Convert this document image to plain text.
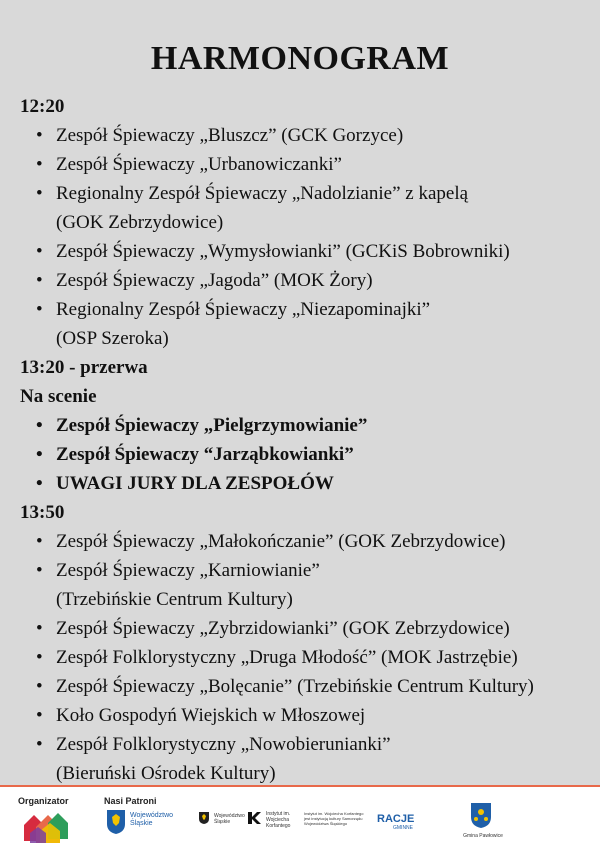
HARMONOGRAM
12:20
• Zespół Śpiewaczy „Bluszcz” (GCK Gorzyce)
• Zespół Śpiewaczy „Urbanowiczanki”
• Regionalny Zespół Śpiewaczy „Nadolzianie” z kapelą
(GOK Zebrzydowice)
• Zespół Śpiewaczy „Wymysłowianki” (GCKiS Bobrowniki)
• Zespół Śpiewaczy „Jagoda” (MOK Żory)
• Regionalny Zespół Śpiewaczy „Niezapominajki”
(OSP Szeroka)
13:20 - przerwa
Na scenie
• Zespół Śpiewaczy „Pielgrzymowianie”
• Zespół Śpiewaczy “Jarząbkowianki”
• UWAGI JURY DLA ZESPOŁÓW
13:50
• Zespół Śpiewaczy „Małokończanie” (GOK Zebrzydowice)
• Zespół Śpiewaczy „Karniowianie”
(Trzebińskie Centrum Kultury)
• Zespół Śpiewaczy „Zybrzidowianki” (GOK Zebrzydowice)
• Zespół Folklorystyczny „Druga Młodość” (MOK Jastrzębie)
• Zespół Śpiewaczy „Bolęcanie” (Trzebińskie Centrum Kultury)
• Koło Gospodyń Wiejskich w Młoszowej
• Zespół Folklorystyczny „Nowobierunianki”
(Bieruński Ośrodek Kultury)
Organizator	Nasi Patroni
Województwo Śląskie
Województwo Śląskie
Instytut im. Wojciecha Korfantego
Instytut im. Wojciecha Korfantego jest instytucją kultury Samorządu Województwa Śląskiego	RACJE
GMINNE
Gmina Pawłowice
